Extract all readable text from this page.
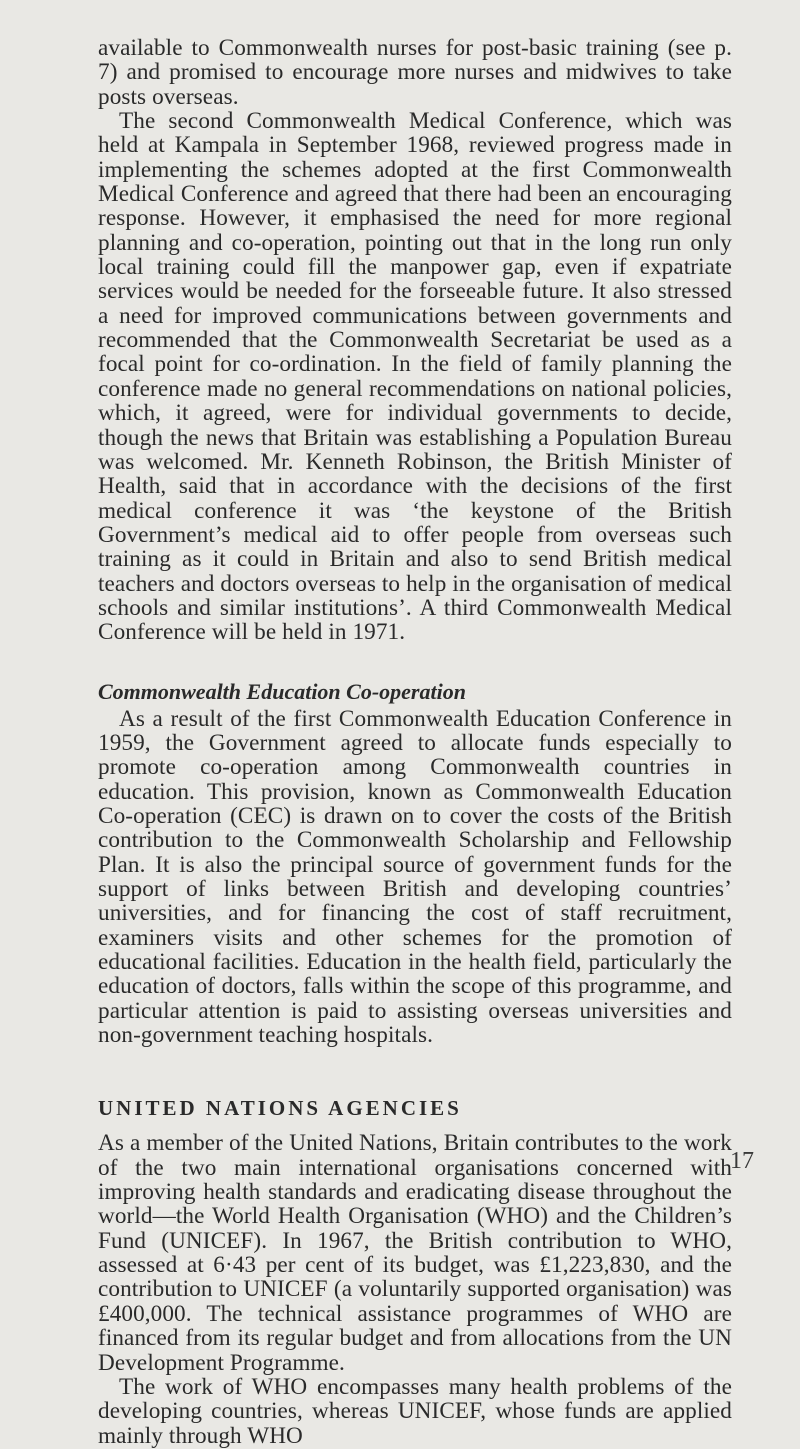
available to Commonwealth nurses for post-basic training (see p. 7) and promised to encourage more nurses and midwives to take posts overseas.

The second Commonwealth Medical Conference, which was held at Kampala in September 1968, reviewed progress made in implementing the schemes adopted at the first Commonwealth Medical Conference and agreed that there had been an encouraging response. However, it emphasised the need for more regional planning and co-operation, pointing out that in the long run only local training could fill the manpower gap, even if expatriate services would be needed for the forseeable future. It also stressed a need for improved communications between governments and recommended that the Commonwealth Secretariat be used as a focal point for co-ordination. In the field of family planning the conference made no general recommendations on national policies, which, it agreed, were for individual governments to decide, though the news that Britain was establishing a Population Bureau was welcomed. Mr. Kenneth Robinson, the British Minister of Health, said that in accordance with the decisions of the first medical conference it was ‘the keystone of the British Government’s medical aid to offer people from overseas such training as it could in Britain and also to send British medical teachers and doctors overseas to help in the organisation of medical schools and similar institutions’. A third Commonwealth Medical Conference will be held in 1971.

Commonwealth Education Co-operation

As a result of the first Commonwealth Education Conference in 1959, the Government agreed to allocate funds especially to promote co-operation among Commonwealth countries in education. This provision, known as Commonwealth Education Co-operation (CEC) is drawn on to cover the costs of the British contribution to the Commonwealth Scholarship and Fellowship Plan. It is also the principal source of government funds for the support of links between British and developing countries’ universities, and for financing the cost of staff recruitment, examiners visits and other schemes for the promotion of educational facilities. Education in the health field, particularly the education of doctors, falls within the scope of this programme, and particular attention is paid to assisting overseas universities and non-government teaching hospitals.

UNITED NATIONS AGENCIES

As a member of the United Nations, Britain contributes to the work of the two main international organisations concerned with improving health standards and eradicating disease throughout the world—the World Health Organisation (WHO) and the Children’s Fund (UNICEF). In 1967, the British contribution to WHO, assessed at 6·43 per cent of its budget, was £1,223,830, and the contribution to UNICEF (a voluntarily supported organisation) was £400,000. The technical assistance programmes of WHO are financed from its regular budget and from allocations from the UN Development Programme.

The work of WHO encompasses many health problems of the developing countries, whereas UNICEF, whose funds are applied mainly through WHO

17
